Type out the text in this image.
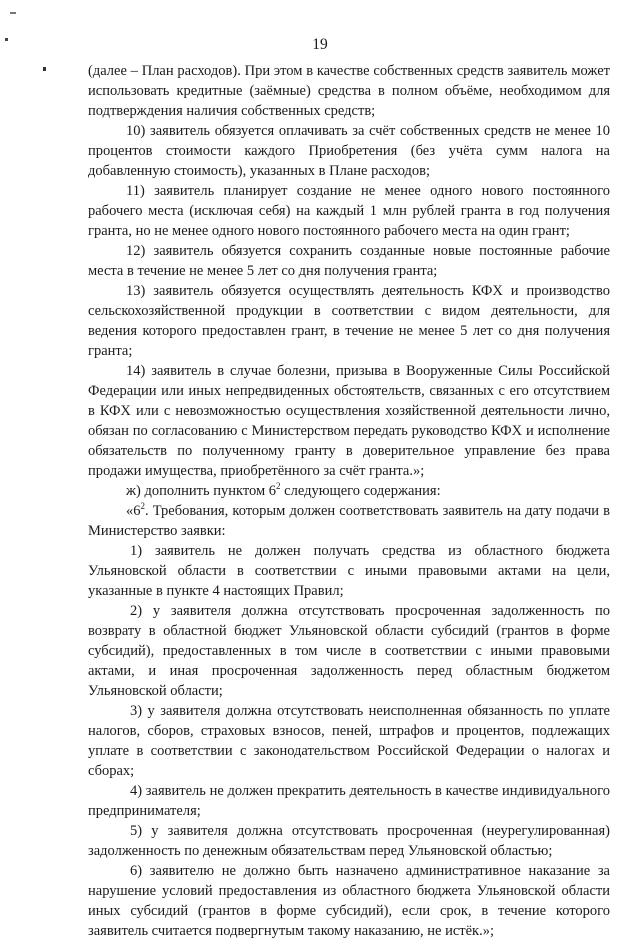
19

(далее – План расходов). При этом в качестве собственных средств заявитель может использовать кредитные (заёмные) средства в полном объёме, необходимом для подтверждения наличия собственных средств;

10) заявитель обязуется оплачивать за счёт собственных средств не менее 10 процентов стоимости каждого Приобретения (без учёта сумм налога на добавленную стоимость), указанных в Плане расходов;

11) заявитель планирует создание не менее одного нового постоянного рабочего места (исключая себя) на каждый 1 млн рублей гранта в год получения гранта, но не менее одного нового постоянного рабочего места на один грант;

12) заявитель обязуется сохранить созданные новые постоянные рабочие места в течение не менее 5 лет со дня получения гранта;

13) заявитель обязуется осуществлять деятельность КФХ и производство сельскохозяйственной продукции в соответствии с видом деятельности, для ведения которого предоставлен грант, в течение не менее 5 лет со дня получения гранта;

14) заявитель в случае болезни, призыва в Вооруженные Силы Российской Федерации или иных непредвиденных обстоятельств, связанных с его отсутствием в КФХ или с невозможностью осуществления хозяйственной деятельности лично, обязан по согласованию с Министерством передать руководство КФХ и исполнение обязательств по полученному гранту в доверительное управление без права продажи имущества, приобретённого за счёт гранта.»;

ж) дополнить пунктом $6^2$ следующего содержания:

«$6^2$. Требования, которым должен соответствовать заявитель на дату подачи в Министерство заявки:

1) заявитель не должен получать средства из областного бюджета Ульяновской области в соответствии с иными правовыми актами на цели, указанные в пункте 4 настоящих Правил;

2) у заявителя должна отсутствовать просроченная задолженность по возврату в областной бюджет Ульяновской области субсидий (грантов в форме субсидий), предоставленных в том числе в соответствии с иными правовыми актами, и иная просроченная задолженность перед областным бюджетом Ульяновской области;

3) у заявителя должна отсутствовать неисполненная обязанность по уплате налогов, сборов, страховых взносов, пеней, штрафов и процентов, подлежащих уплате в соответствии с законодательством Российской Федерации о налогах и сборах;

4) заявитель не должен прекратить деятельность в качестве индивидуального предпринимателя;

5) у заявителя должна отсутствовать просроченная (неурегулированная) задолженность по денежным обязательствам перед Ульяновской областью;

6) заявителю не должно быть назначено административное наказание за нарушение условий предоставления из областного бюджета Ульяновской области иных субсидий (грантов в форме субсидий), если срок, в течение которого заявитель считается подвергнутым такому наказанию, не истёк.»;
